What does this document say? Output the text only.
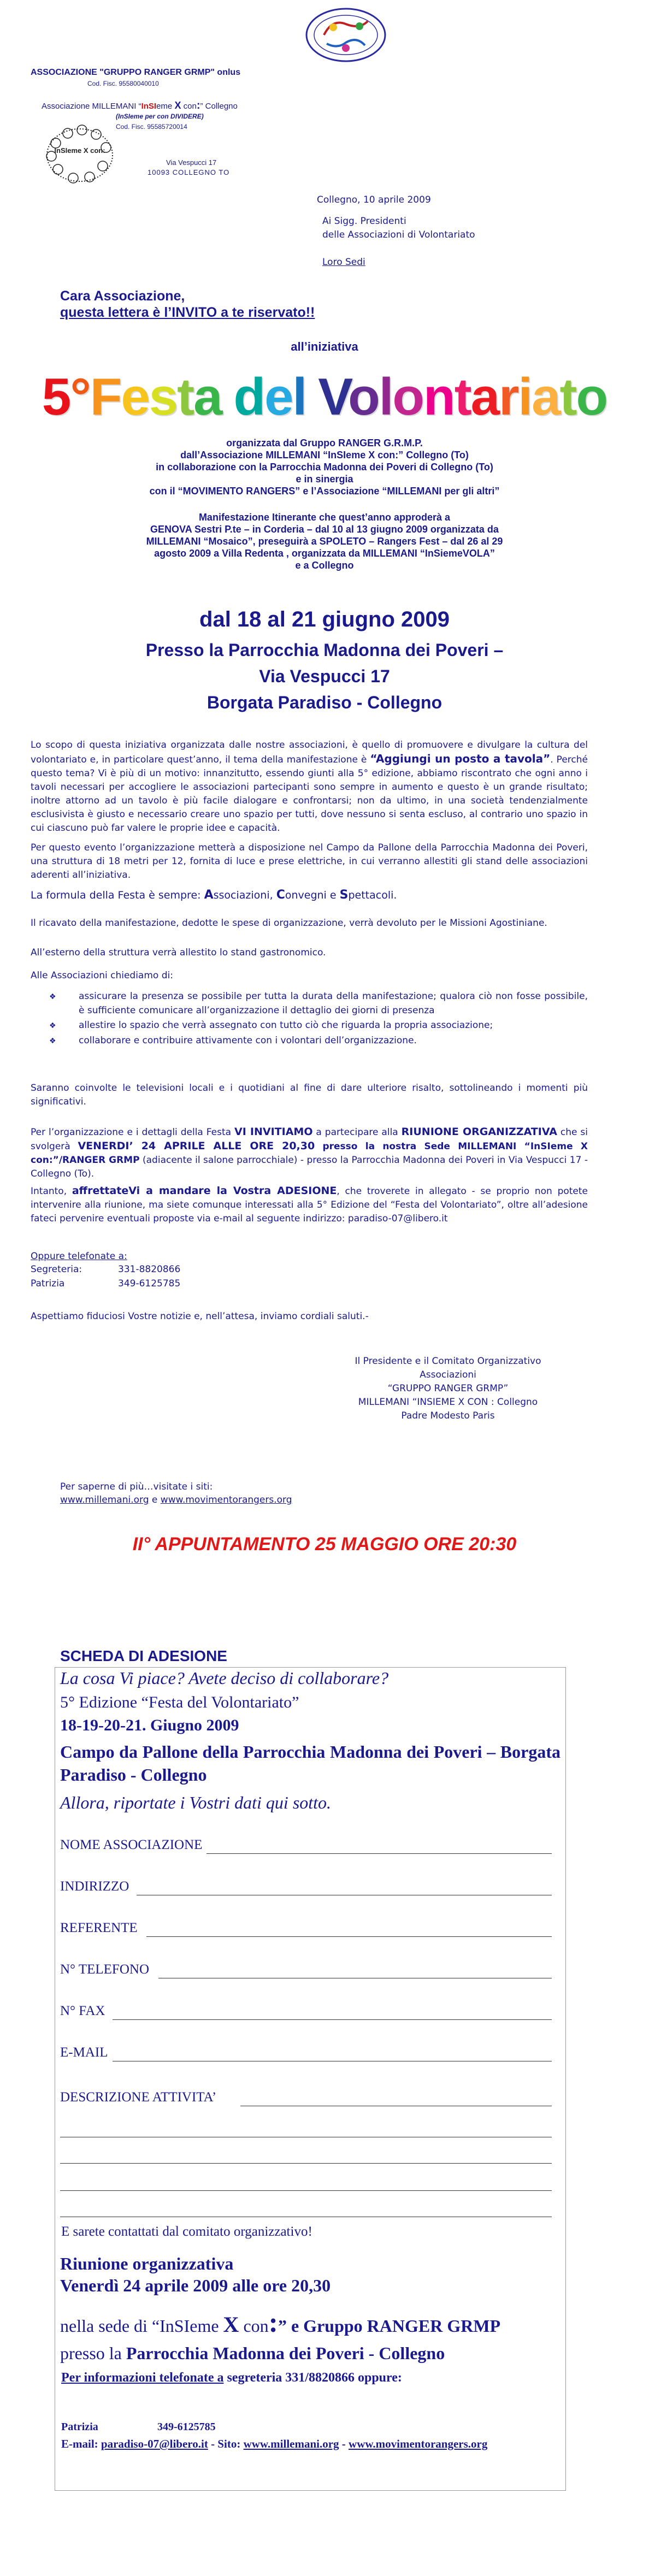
ASSOCIAZIONE "GRUPPO RANGER GRMP" onlus
Cod. Fisc. 95580040010
Associazione MILLEMANI “InSIeme X con:” Collegno
(InSIeme per con DIVIDERE)
Cod. Fisc. 95585720014
InSIeme X con:
Via Vespucci 17
10093 COLLEGNO TO
Collegno, 10 aprile 2009
Ai Sigg. Presidenti
delle Associazioni di Volontariato
Loro Sedi
Cara Associazione,
questa lettera è l’INVITO a te riservato!!
all’iniziativa
5°Festa del Volontariato
organizzata dal Gruppo RANGER G.R.M.P.
dall’Associazione MILLEMANI “InSIeme X con:” Collegno (To)
in collaborazione con la Parrocchia Madonna dei Poveri di Collegno (To)
e in sinergia
con il “MOVIMENTO RANGERS” e l’Associazione “MILLEMANI per gli altri”
Manifestazione Itinerante che quest’anno approderà a
GENOVA Sestri P.te – in Corderia – dal 10 al 13 giugno 2009 organizzata da
MILLEMANI “Mosaico”, preseguirà a SPOLETO – Rangers Fest – dal 26 al 29
agosto 2009 a Villa Redenta , organizzata da MILLEMANI “InSiemeVOLA”
e a Collegno
dal 18 al 21 giugno 2009
Presso la Parrocchia Madonna dei Poveri –
Via Vespucci 17
Borgata Paradiso - Collegno
Lo scopo di questa iniziativa organizzata dalle nostre associazioni, è quello di promuovere e divulgare la cultura del volontariato e, in particolare quest’anno, il tema della manifestazione è “Aggiungi un posto a tavola”. Perché questo tema? Vi è più di un motivo: innanzitutto, essendo giunti alla 5° edizione, abbiamo riscontrato che ogni anno i tavoli necessari per accogliere le associazioni partecipanti sono sempre in aumento e questo è un grande risultato; inoltre attorno ad un tavolo è più facile dialogare e confrontarsi; non da ultimo, in una società tendenzialmente esclusivista è giusto e necessario creare uno spazio per tutti, dove nessuno si senta escluso, al contrario uno spazio in cui ciascuno può far valere le proprie idee e capacità.
Per questo evento l’organizzazione metterà a disposizione nel Campo da Pallone della Parrocchia Madonna dei Poveri, una struttura di 18 metri per 12, fornita di luce e prese elettriche, in cui verranno allestiti gli stand delle associazioni aderenti all’iniziativa.
La formula della Festa è sempre: Associazioni, Convegni e Spettacoli.
Il ricavato della manifestazione, dedotte le spese di organizzazione, verrà devoluto per le Missioni Agostiniane.
All’esterno della struttura verrà allestito lo stand gastronomico.
Alle Associazioni chiediamo di:
❖ assicurare la presenza se possibile per tutta la durata della manifestazione; qualora ciò non fosse possibile, è sufficiente comunicare all’organizzazione il dettaglio dei giorni di presenza
❖ allestire lo spazio che verrà assegnato con tutto ciò che riguarda la propria associazione;
❖ collaborare e contribuire attivamente con i volontari dell’organizzazione.
Saranno coinvolte le televisioni locali e i quotidiani al fine di dare ulteriore risalto, sottolineando i momenti più significativi.
Per l’organizzazione e i dettagli della Festa VI INVITIAMO a partecipare alla RIUNIONE ORGANIZZATIVA che si svolgerà VENERDI’ 24 APRILE ALLE ORE 20,30 presso la nostra Sede MILLEMANI “InSIeme X con:”/RANGER GRMP (adiacente il salone parrocchiale) - presso la Parrocchia Madonna dei Poveri in Via Vespucci 17 - Collegno (To).
Intanto, affrettateVi a mandare la Vostra ADESIONE, che troverete in allegato - se proprio non potete intervenire alla riunione, ma siete comunque interessati alla 5° Edizione del “Festa del Volontariato”, oltre all’adesione fateci pervenire eventuali proposte via e-mail al seguente indirizzo: paradiso-07@libero.it
Oppure telefonate a:
Segreteria:	331-8820866
Patrizia	349-6125785
Aspettiamo fiduciosi Vostre notizie e, nell’attesa, inviamo cordiali saluti.-
Il Presidente e il Comitato Organizzativo
Associazioni
“GRUPPO RANGER GRMP”
MILLEMANI “INSIEME X CON : Collegno
Padre Modesto Paris
Per saperne di più…visitate i siti:
www.millemani.org e www.movimentorangers.org
II° APPUNTAMENTO 25 MAGGIO ORE 20:30
SCHEDA DI ADESIONE
La cosa Vi piace? Avete deciso di collaborare?
5° Edizione “Festa del Volontariato”
18-19-20-21. Giugno 2009
Campo da Pallone della Parrocchia Madonna dei Poveri – Borgata Paradiso - Collegno
Allora, riportate i Vostri dati qui sotto.
NOME ASSOCIAZIONE
INDIRIZZO
REFERENTE
N° TELEFONO
N° FAX
E-MAIL
DESCRIZIONE ATTIVITA’
E sarete contattati dal comitato organizzativo!
Riunione organizzativa
Venerdì 24 aprile 2009 alle ore 20,30
nella sede di “InSIeme X con:” e Gruppo RANGER GRMP
presso la Parrocchia Madonna dei Poveri - Collegno
Per informazioni telefonate a segreteria 331/8820866 oppure:
Patrizia	349-6125785
E-mail: paradiso-07@libero.it - Sito: www.millemani.org - www.movimentorangers.org
